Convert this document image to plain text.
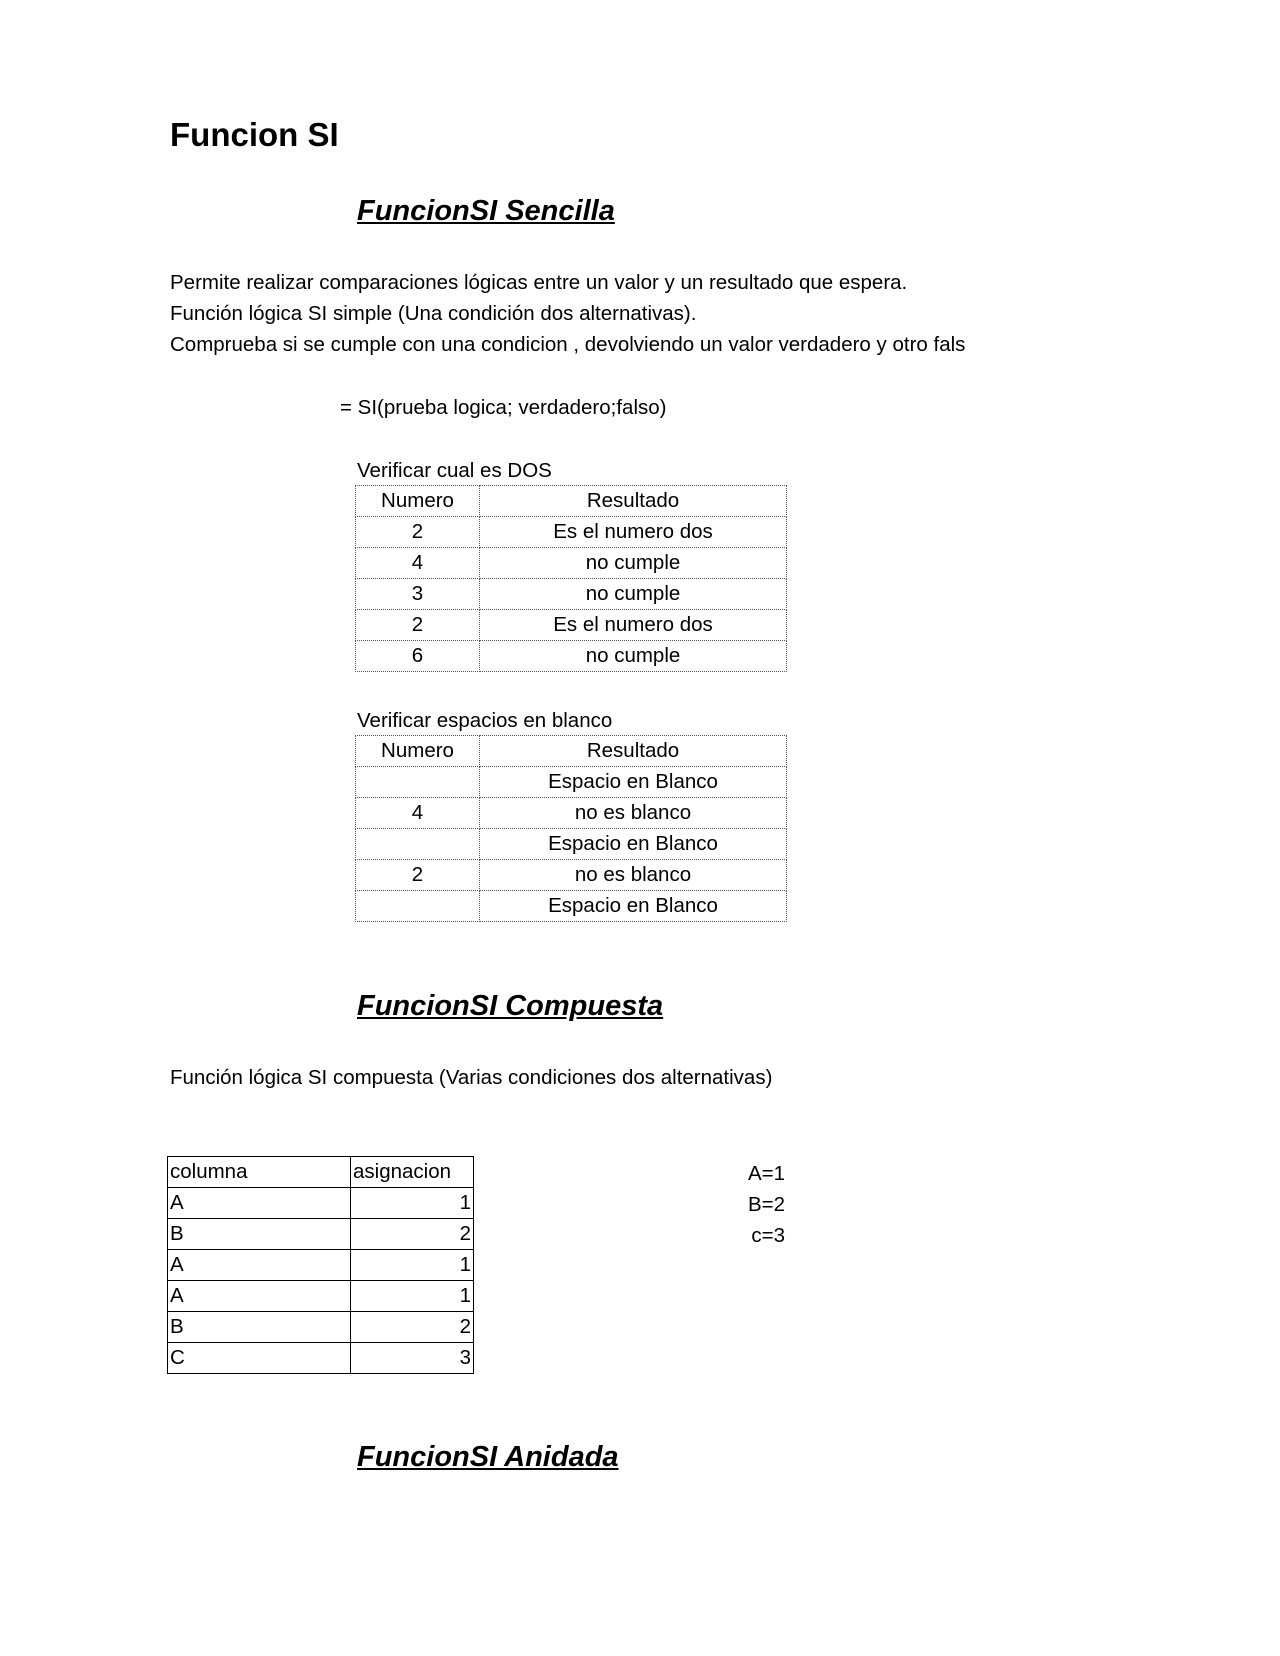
Funcion SI
FuncionSI Sencilla
Permite realizar comparaciones lógicas entre un valor y un resultado que espera.
Función lógica SI simple (Una condición dos alternativas).
Comprueba si se cumple con una condicion , devolviendo un valor verdadero y otro fals
= SI(prueba logica; verdadero;falso)
Verificar cual es DOS
Numero	Resultado
2	Es el numero dos
4	no cumple
3	no cumple
2	Es el numero dos
6	no cumple
Verificar espacios en blanco
Numero	Resultado
	Espacio en Blanco
4	no es blanco
	Espacio en Blanco
2	no es blanco
	Espacio en Blanco
FuncionSI Compuesta
Función lógica SI compuesta (Varias condiciones dos alternativas)
columna	asignacion
A	1
B	2
A	1
A	1
B	2
C	3
A=1
B=2
c=3
FuncionSI Anidada
